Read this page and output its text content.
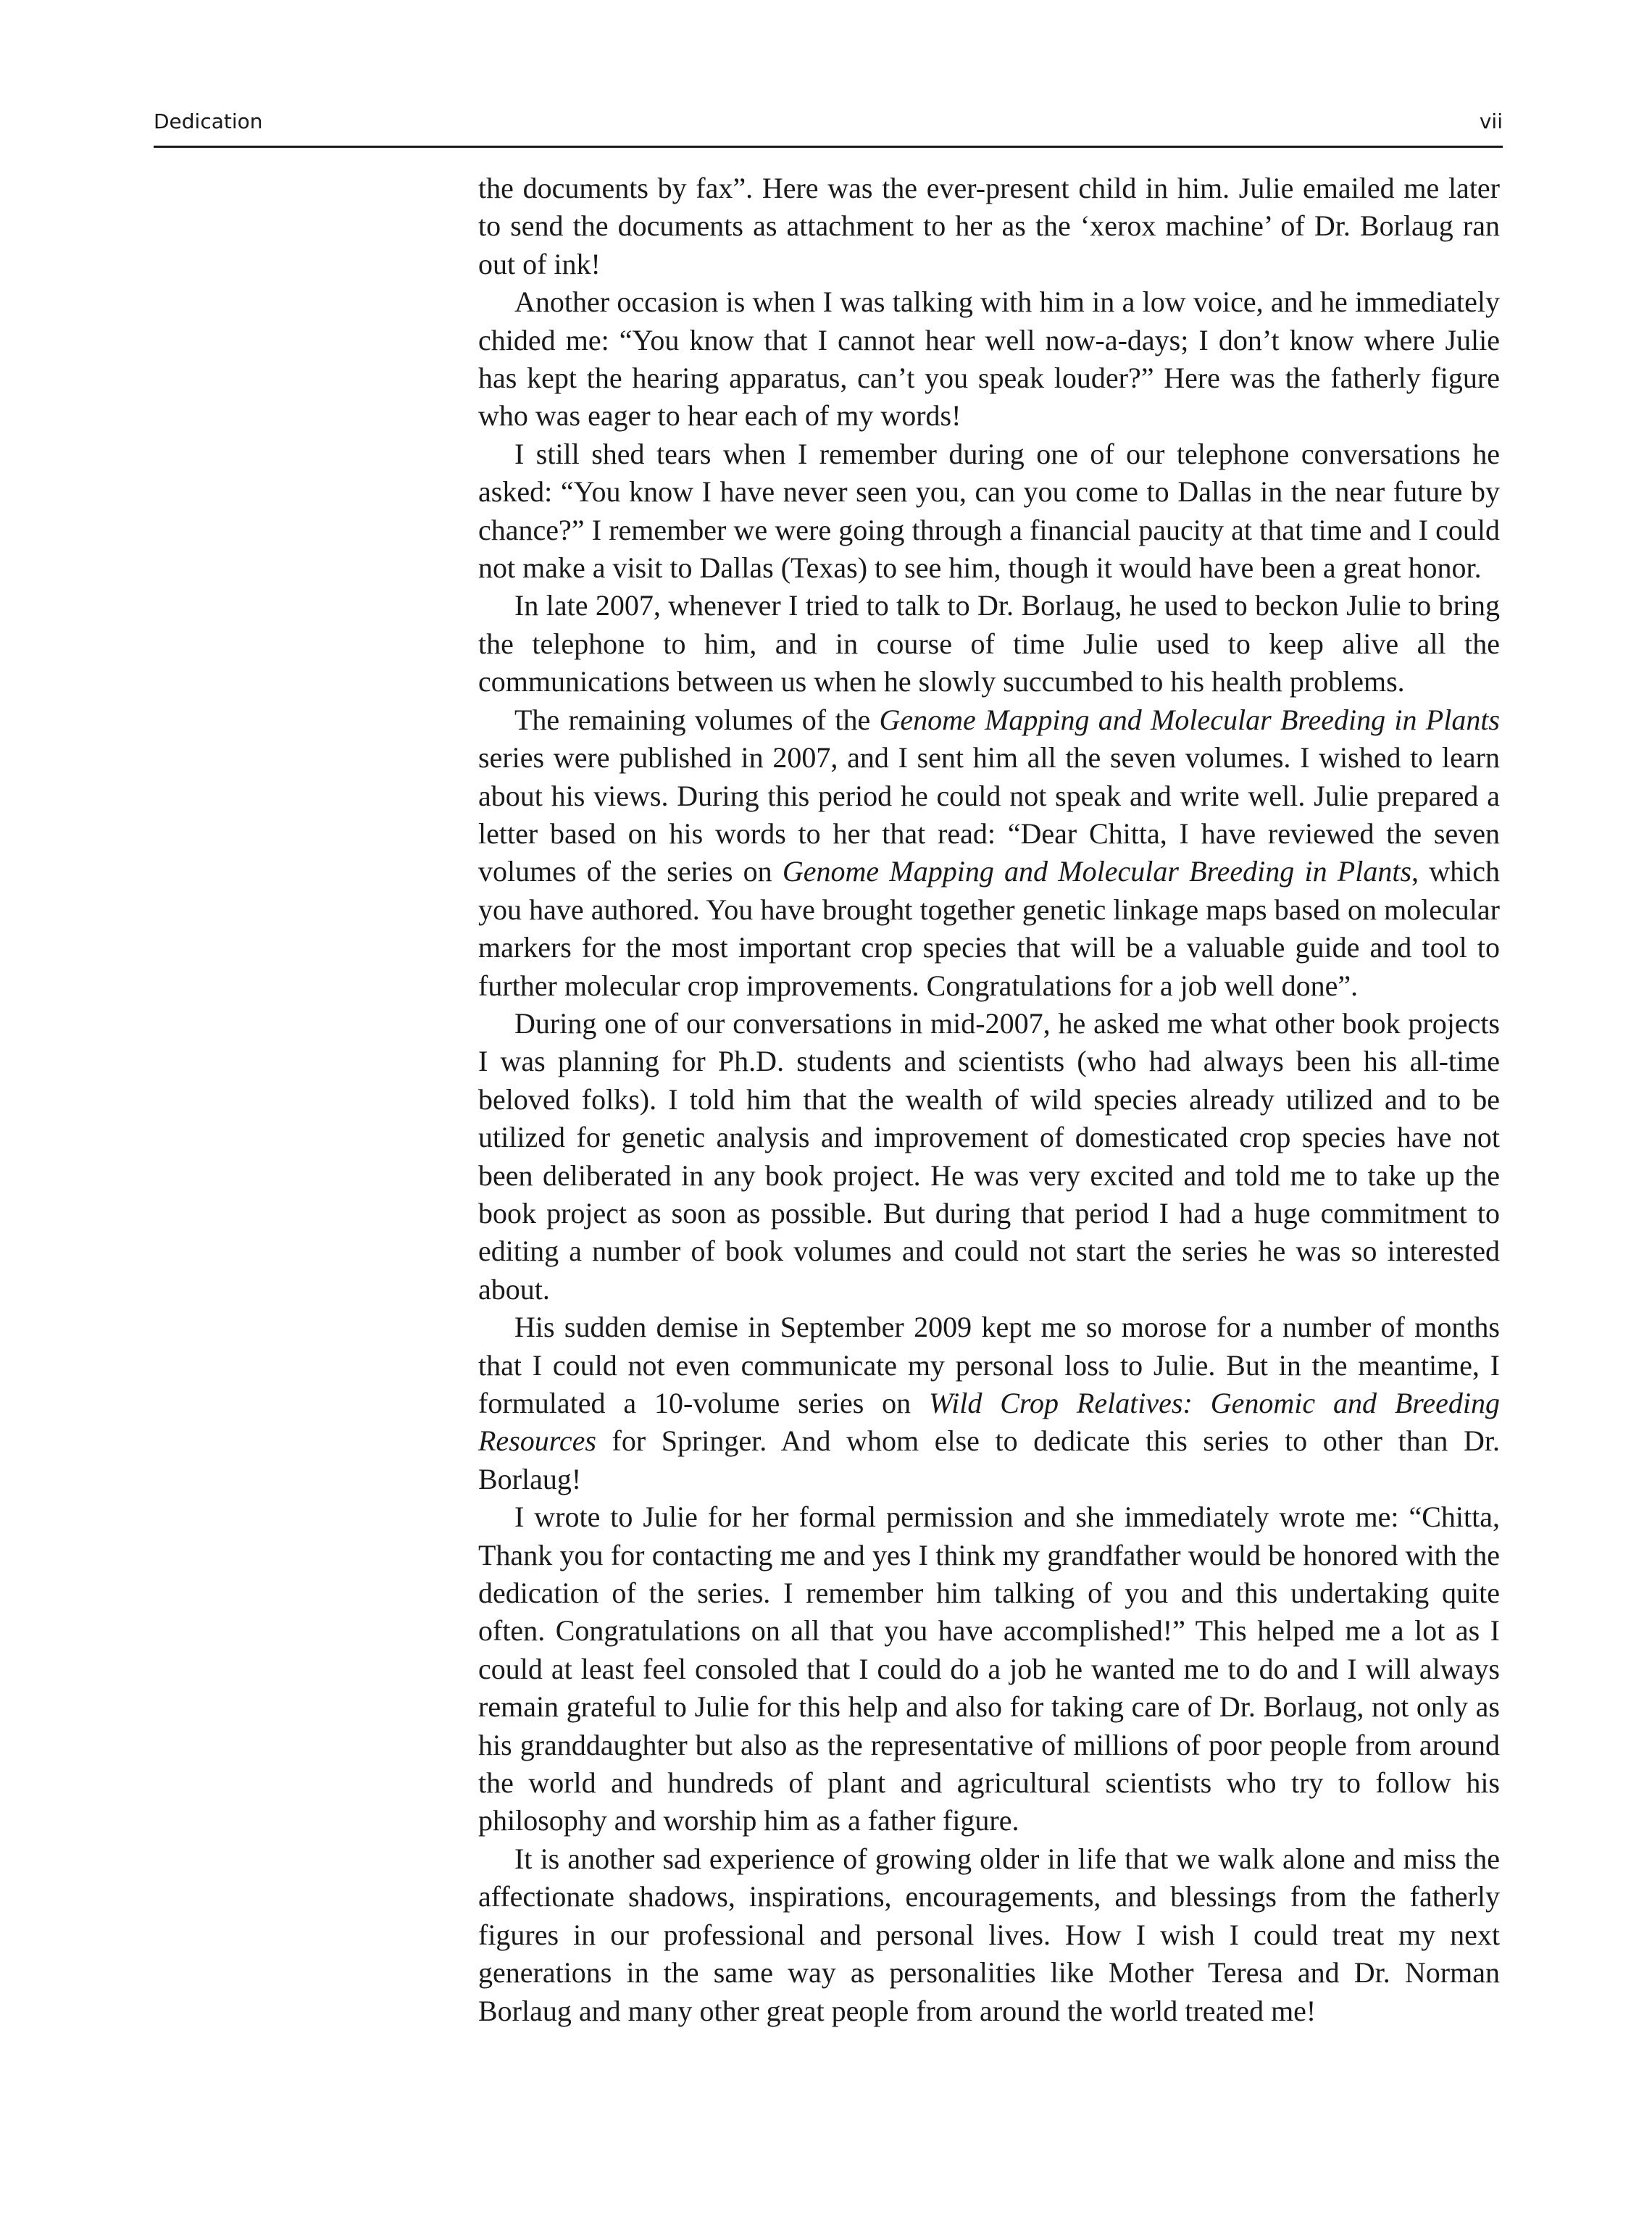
Dedication	vii

the documents by fax”. Here was the ever-present child in him. Julie emailed me later to send the documents as attachment to her as the ‘xerox machine’ of Dr. Borlaug ran out of ink!

Another occasion is when I was talking with him in a low voice, and he immediately chided me: “You know that I cannot hear well now-a-days; I don’t know where Julie has kept the hearing apparatus, can’t you speak louder?” Here was the fatherly figure who was eager to hear each of my words!

I still shed tears when I remember during one of our telephone conversations he asked: “You know I have never seen you, can you come to Dallas in the near future by chance?” I remember we were going through a financial paucity at that time and I could not make a visit to Dallas (Texas) to see him, though it would have been a great honor.

In late 2007, whenever I tried to talk to Dr. Borlaug, he used to beckon Julie to bring the telephone to him, and in course of time Julie used to keep alive all the communications between us when he slowly succumbed to his health problems.

The remaining volumes of the Genome Mapping and Molecular Breeding in Plants series were published in 2007, and I sent him all the seven volumes. I wished to learn about his views. During this period he could not speak and write well. Julie prepared a letter based on his words to her that read: “Dear Chitta, I have reviewed the seven volumes of the series on Genome Mapping and Molecular Breeding in Plants, which you have authored. You have brought together genetic linkage maps based on molecular markers for the most important crop species that will be a valuable guide and tool to further molecular crop improvements. Congratulations for a job well done”.

During one of our conversations in mid-2007, he asked me what other book projects I was planning for Ph.D. students and scientists (who had always been his all-time beloved folks). I told him that the wealth of wild species already utilized and to be utilized for genetic analysis and improvement of domesticated crop species have not been deliberated in any book project. He was very excited and told me to take up the book project as soon as possible. But during that period I had a huge commitment to editing a number of book volumes and could not start the series he was so interested about.

His sudden demise in September 2009 kept me so morose for a number of months that I could not even communicate my personal loss to Julie. But in the meantime, I formulated a 10-volume series on Wild Crop Relatives: Genomic and Breeding Resources for Springer. And whom else to dedicate this series to other than Dr. Borlaug!

I wrote to Julie for her formal permission and she immediately wrote me: “Chitta, Thank you for contacting me and yes I think my grandfather would be honored with the dedication of the series. I remember him talking of you and this undertaking quite often. Congratulations on all that you have accomplished!” This helped me a lot as I could at least feel consoled that I could do a job he wanted me to do and I will always remain grateful to Julie for this help and also for taking care of Dr. Borlaug, not only as his granddaughter but also as the representative of millions of poor people from around the world and hundreds of plant and agricultural scientists who try to follow his philosophy and worship him as a father figure.

It is another sad experience of growing older in life that we walk alone and miss the affectionate shadows, inspirations, encouragements, and blessings from the fatherly figures in our professional and personal lives. How I wish I could treat my next generations in the same way as personalities like Mother Teresa and Dr. Norman Borlaug and many other great people from around the world treated me!
